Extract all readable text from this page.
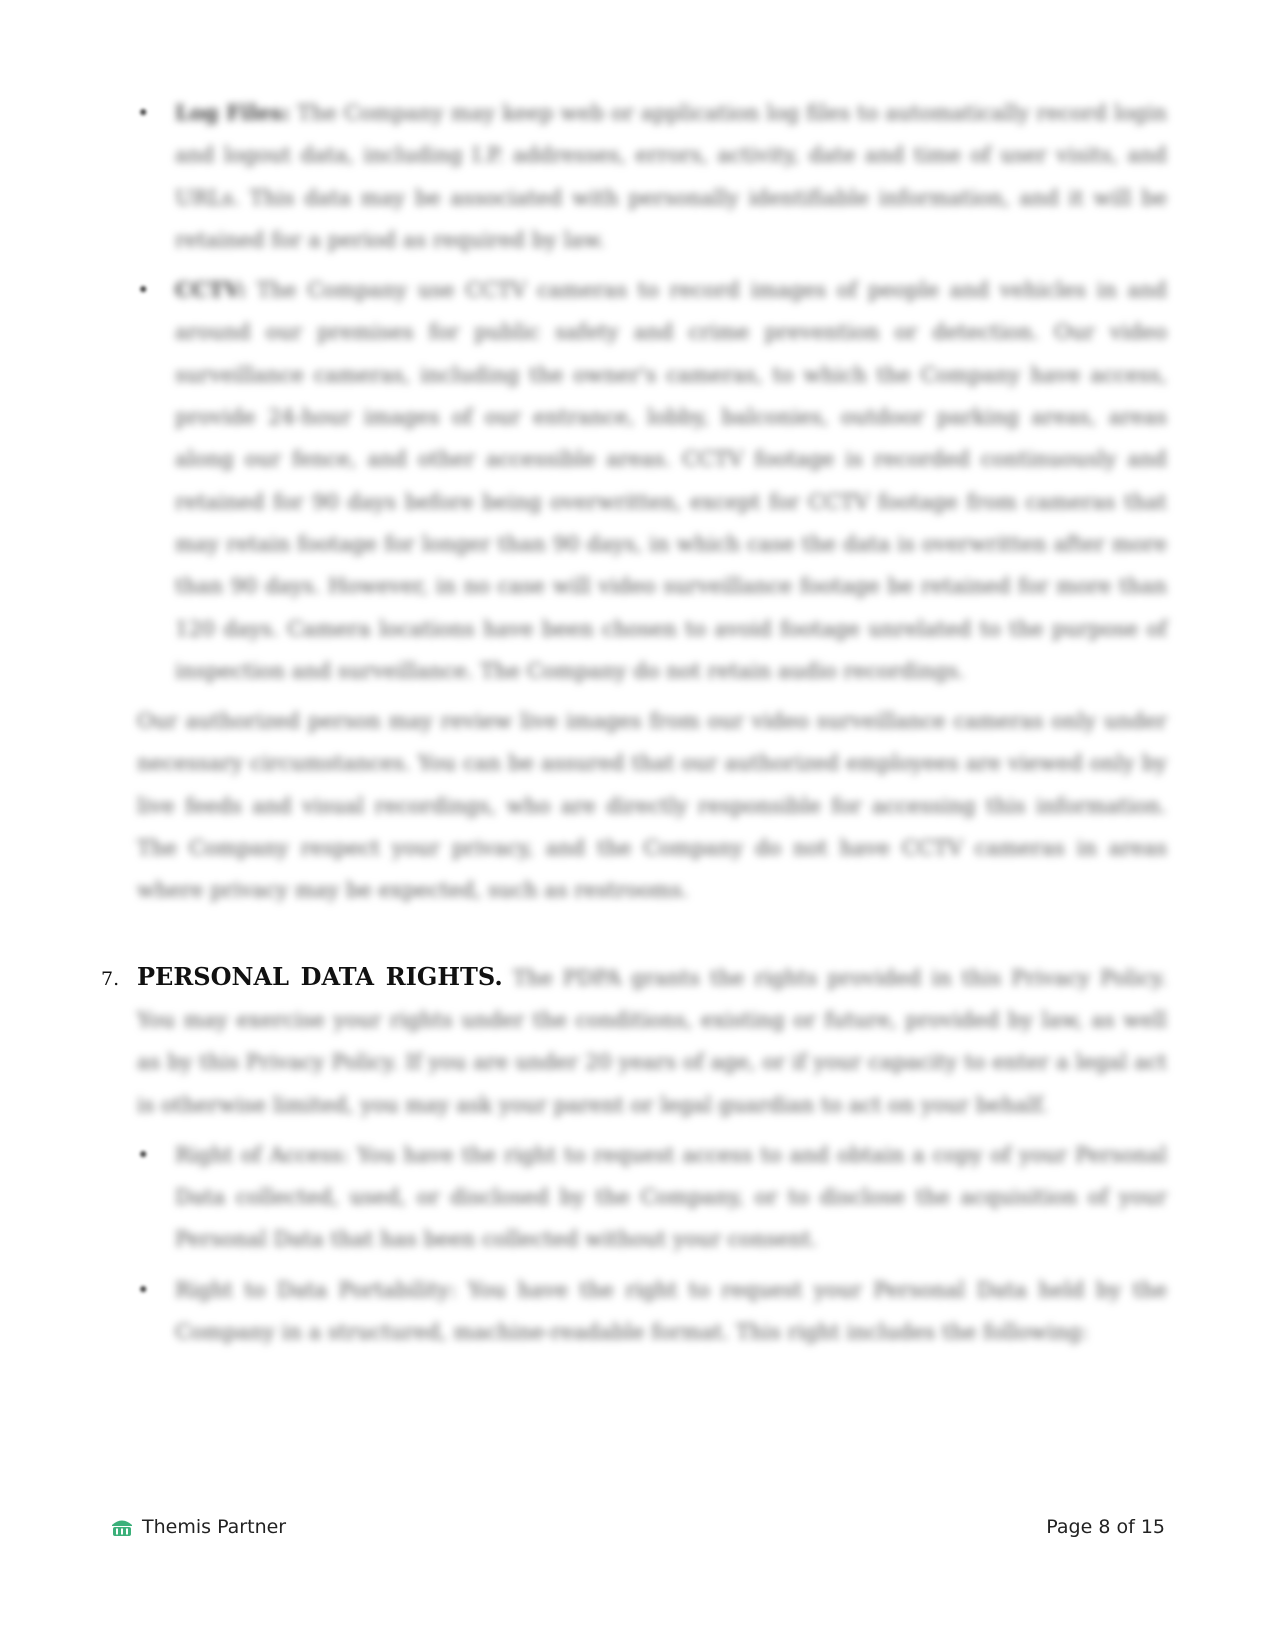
• Log Files: The Company may keep web or application log files to automatically record login and logout data, including I.P. addresses, errors, activity, date and time of user visits, and URLs. This data may be associated with personally identifiable information, and it will be retained for a period as required by law.
• CCTV: The Company use CCTV cameras to record images of people and vehicles in and around our premises for public safety and crime prevention or detection. Our video surveillance cameras, including the owner's cameras, to which the Company have access, provide 24-hour images of our entrance, lobby, balconies, outdoor parking areas, areas along our fence, and other accessible areas. CCTV footage is recorded continuously and retained for 90 days before being overwritten, except for CCTV footage from cameras that may retain footage for longer than 90 days, in which case the data is overwritten after more than 90 days. However, in no case will video surveillance footage be retained for more than 120 days. Camera locations have been chosen to avoid footage unrelated to the purpose of inspection and surveillance. The Company do not retain audio recordings.

Our authorized person may review live images from our video surveillance cameras only under necessary circumstances. You can be assured that our authorized employees are viewed only by live feeds and visual recordings, who are directly responsible for accessing this information. The Company respect your privacy, and the Company do not have CCTV cameras in areas where privacy may be expected, such as restrooms.

7. PERSONAL DATA RIGHTS. The PDPA grants the rights provided in this Privacy Policy. You may exercise your rights under the conditions, existing or future, provided by law, as well as by this Privacy Policy. If you are under 20 years of age, or if your capacity to enter a legal act is otherwise limited, you may ask your parent or legal guardian to act on your behalf.
• Right of Access: You have the right to request access to and obtain a copy of your Personal Data collected, used, or disclosed by the Company, or to disclose the acquisition of your Personal Data that has been collected without your consent.
• Right to Data Portability: You have the right to request your Personal Data held by the Company in a structured, machine-readable format. This right includes the following:
Themis Partner	Page 8 of 15
